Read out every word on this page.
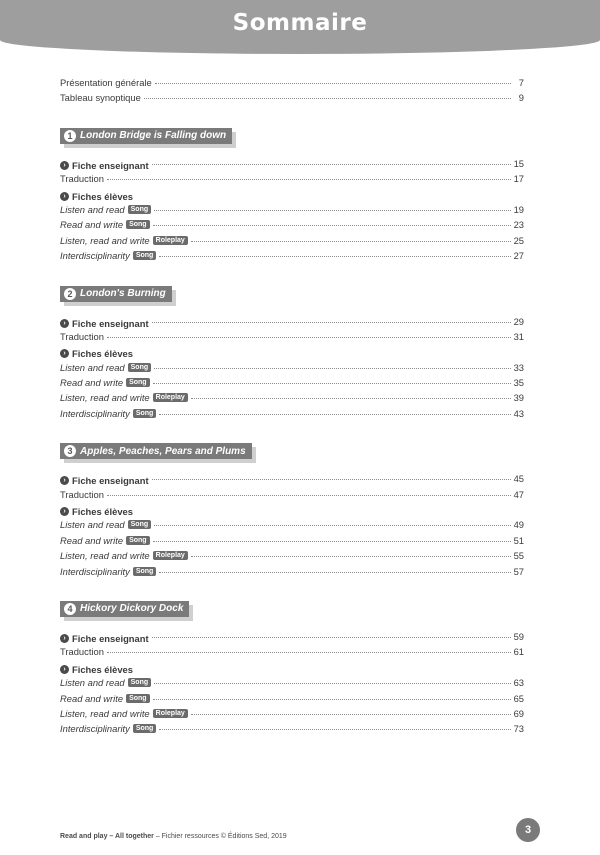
Sommaire
Présentation générale	7
Tableau synoptique	9
1 London Bridge is Falling down
› Fiche enseignant	15
Traduction	17
› Fiches élèves
Listen and read Song	19
Read and write Song	23
Listen, read and write Roleplay	25
Interdisciplinarity Song	27
2 London's Burning
› Fiche enseignant	29
Traduction	31
› Fiches élèves
Listen and read Song	33
Read and write Song	35
Listen, read and write Roleplay	39
Interdisciplinarity Song	43
3 Apples, Peaches, Pears and Plums
› Fiche enseignant	45
Traduction	47
› Fiches élèves
Listen and read Song	49
Read and write Song	51
Listen, read and write Roleplay	55
Interdisciplinarity Song	57
4 Hickory Dickory Dock
› Fiche enseignant	59
Traduction	61
› Fiches élèves
Listen and read Song	63
Read and write Song	65
Listen, read and write Roleplay	69
Interdisciplinarity Song	73
Read and play – All together – Fichier ressources © Éditions Sed, 2019
3
